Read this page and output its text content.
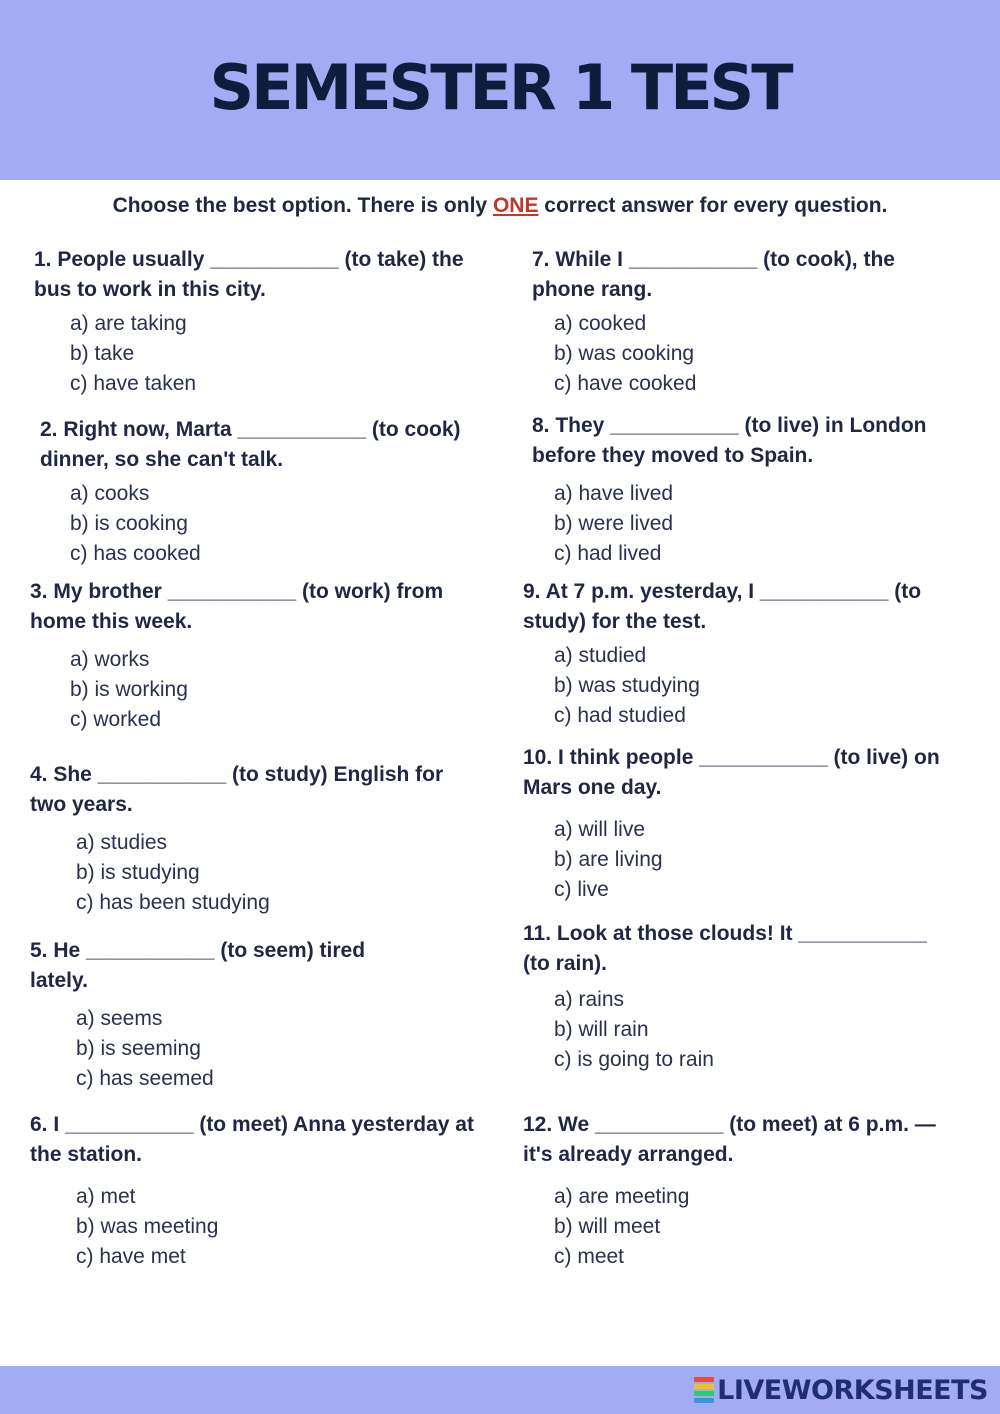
SEMESTER 1 TEST
Choose the best option. There is only ONE correct answer for every question.
1. People usually ___________ (to take) the bus to work in this city.
a) are taking
b) take
c) have taken
2. Right now, Marta ___________ (to cook) dinner, so she can't talk.
a) cooks
b) is cooking
c) has cooked
3. My brother ___________ (to work) from home this week.
a) works
b) is working
c) worked
4. She ___________ (to study) English for two years.
a) studies
b) is studying
c) has been studying
5. He ___________ (to seem) tired lately.
a) seems
b) is seeming
c) has seemed
6. I ___________ (to meet) Anna yesterday at the station.
a) met
b) was meeting
c) have met
7. While I ___________ (to cook), the phone rang.
a) cooked
b) was cooking
c) have cooked
8. They ___________ (to live) in London before they moved to Spain.
a) have lived
b) were lived
c) had lived
9. At 7 p.m. yesterday, I ___________ (to study) for the test.
a) studied
b) was studying
c) had studied
10. I think people ___________ (to live) on Mars one day.
a) will live
b) are living
c) live
11. Look at those clouds! It ___________ (to rain).
a) rains
b) will rain
c) is going to rain
12. We ___________ (to meet) at 6 p.m. — it's already arranged.
a) are meeting
b) will meet
c) meet
LIVEWORKSHEETS
